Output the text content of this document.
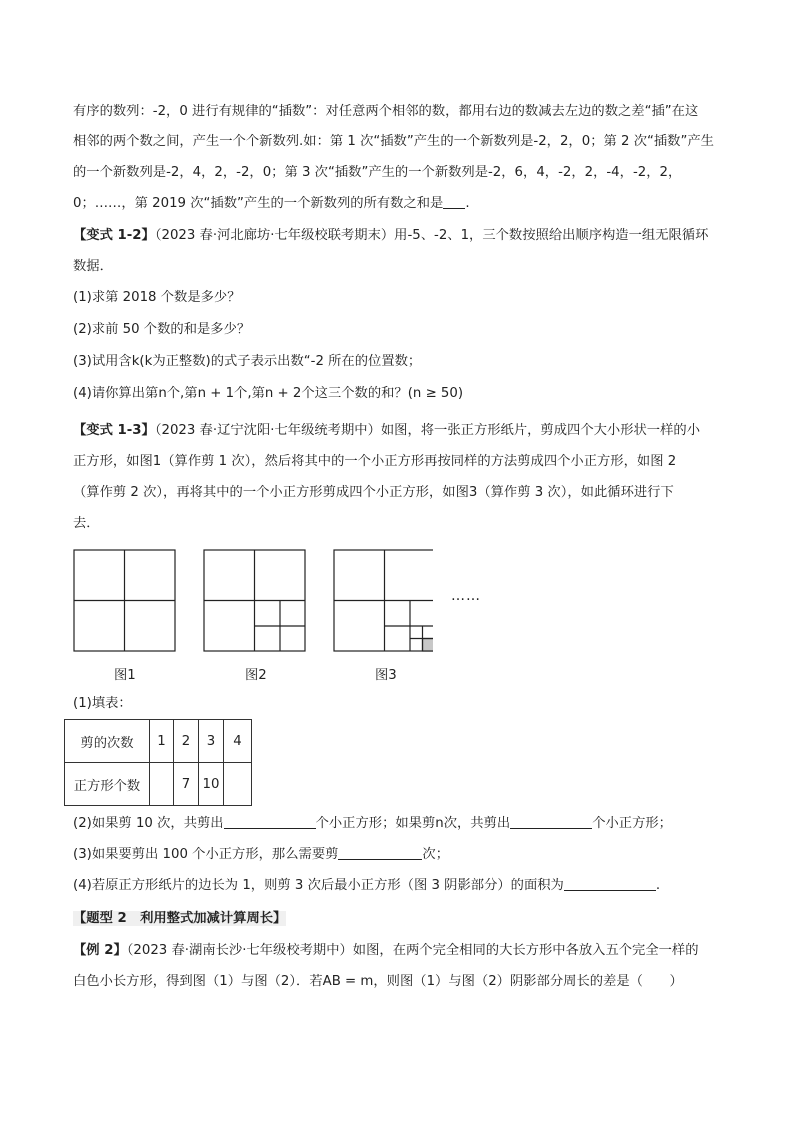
有序的数列：-2，0 进行有规律的“插数”：对任意两个相邻的数，都用右边的数减去左边的数之差“插”在这
相邻的两个数之间，产生一个个新数列.如：第 1 次“插数”产生的一个新数列是-2，2，0；第 2 次“插数”产生
的一个新数列是-2，4，2，-2，0；第 3 次“插数”产生的一个新数列是-2，6，4，-2，2，-4，-2，2，
0；……，第 2019 次“插数”产生的一个新数列的所有数之和是 .
【变式 1-2】（2023 春·河北廊坊·七年级校联考期末）用-5、-2、1，三个数按照给出顺序构造一组无限循环
数据．
(1)求第 2018 个数是多少？
(2)求前 50 个数的和是多少？
(3)试用含k(k为正整数)的式子表示出数“-2 所在的位置数；
(4)请你算出第n个,第n + 1个,第n + 2个这三个数的和？(n ≥ 50)
【变式 1-3】（2023 春·辽宁沈阳·七年级统考期中）如图，将一张正方形纸片，剪成四个大小形状一样的小
正方形，如图1（算作剪 1 次），然后将其中的一个小正方形再按同样的方法剪成四个小正方形，如图 2
（算作剪 2 次），再将其中的一个小正方形剪成四个小正方形，如图3（算作剪 3 次），如此循环进行下
去．
……
图1	图2	图3
(1)填表：
剪的次数	1	2	3	4
正方形个数		7	10	
(2)如果剪 10 次，共剪出	个小正方形；如果剪n次，共剪出	个小正方形；
(3)如果要剪出 100 个小正方形，那么需要剪	次；
(4)若原正方形纸片的边长为 1，则剪 3 次后最小正方形（图 3 阴影部分）的面积为	.
【题型 2　利用整式加减计算周长】
【例 2】（2023 春·湖南长沙·七年级校考期中）如图，在两个完全相同的大长方形中各放入五个完全一样的
白色小长方形，得到图（1）与图（2）．若AB = m，则图（1）与图（2）阴影部分周长的差是（　　）
